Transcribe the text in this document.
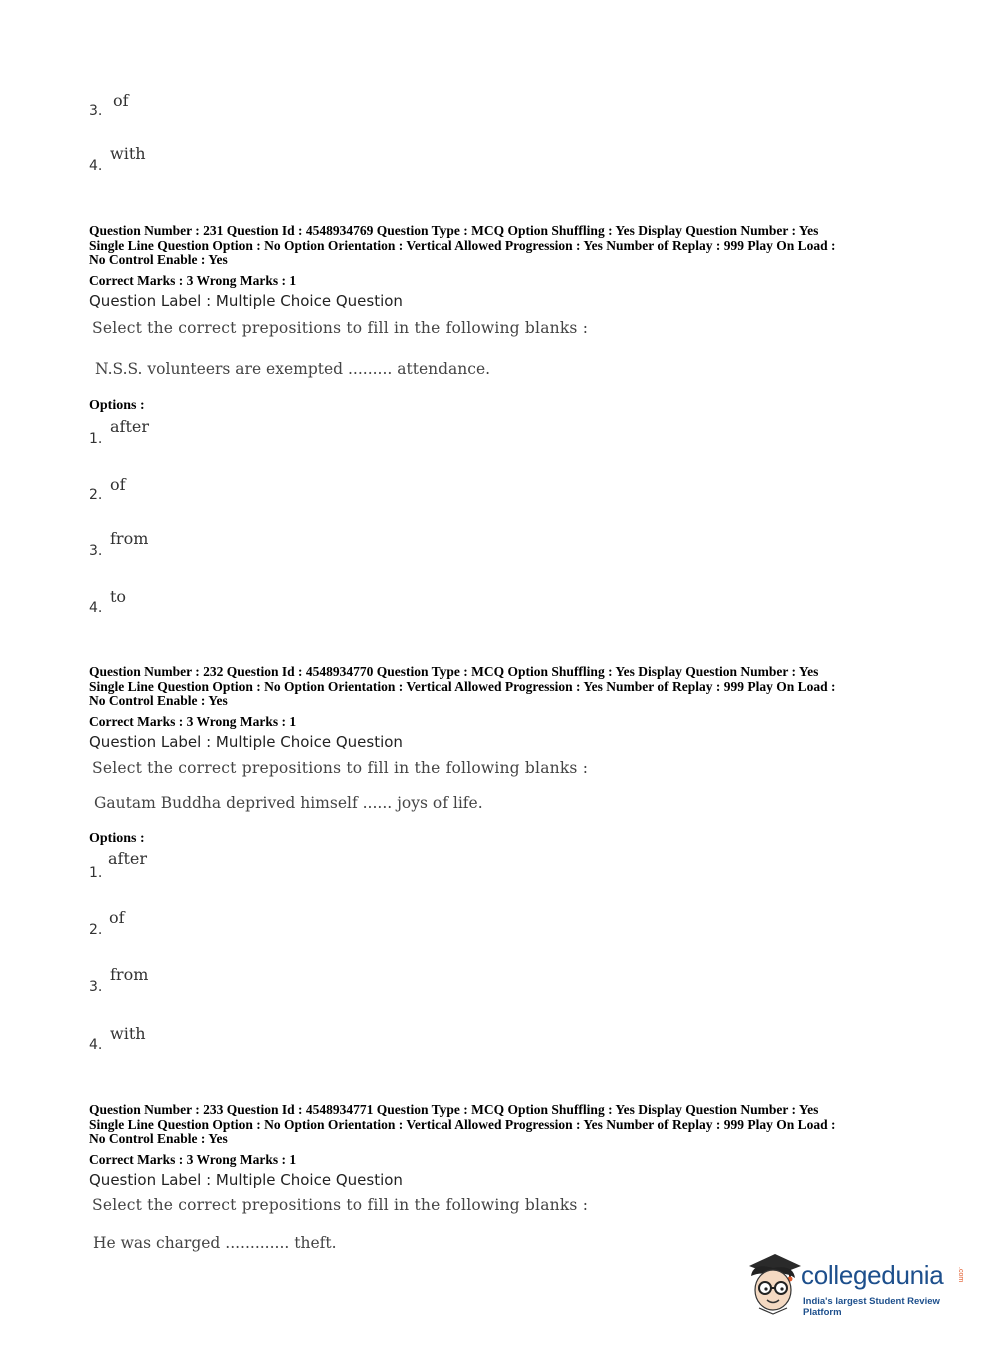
3.
of
4.
with
Question Number : 231 Question Id : 4548934769 Question Type : MCQ Option Shuffling : Yes Display Question Number : Yes
Single Line Question Option : No Option Orientation : Vertical Allowed Progression : Yes Number of Replay : 999 Play On Load :
No Control Enable : Yes
Correct Marks : 3 Wrong Marks : 1
Question Label : Multiple Choice Question
Select the correct prepositions to fill in the following blanks :
N.S.S. volunteers are exempted ......... attendance.
Options :
1.
after
2.
of
3.
from
4.
to
Question Number : 232 Question Id : 4548934770 Question Type : MCQ Option Shuffling : Yes Display Question Number : Yes
Single Line Question Option : No Option Orientation : Vertical Allowed Progression : Yes Number of Replay : 999 Play On Load :
No Control Enable : Yes
Correct Marks : 3 Wrong Marks : 1
Question Label : Multiple Choice Question
Select the correct prepositions to fill in the following blanks :
Gautam Buddha deprived himself ...... joys of life.
Options :
1.
after
2.
of
3.
from
4.
with
Question Number : 233 Question Id : 4548934771 Question Type : MCQ Option Shuffling : Yes Display Question Number : Yes
Single Line Question Option : No Option Orientation : Vertical Allowed Progression : Yes Number of Replay : 999 Play On Load :
No Control Enable : Yes
Correct Marks : 3 Wrong Marks : 1
Question Label : Multiple Choice Question
Select the correct prepositions to fill in the following blanks :
He was charged ............. theft.
collegedunia .com
India's largest Student Review Platform
